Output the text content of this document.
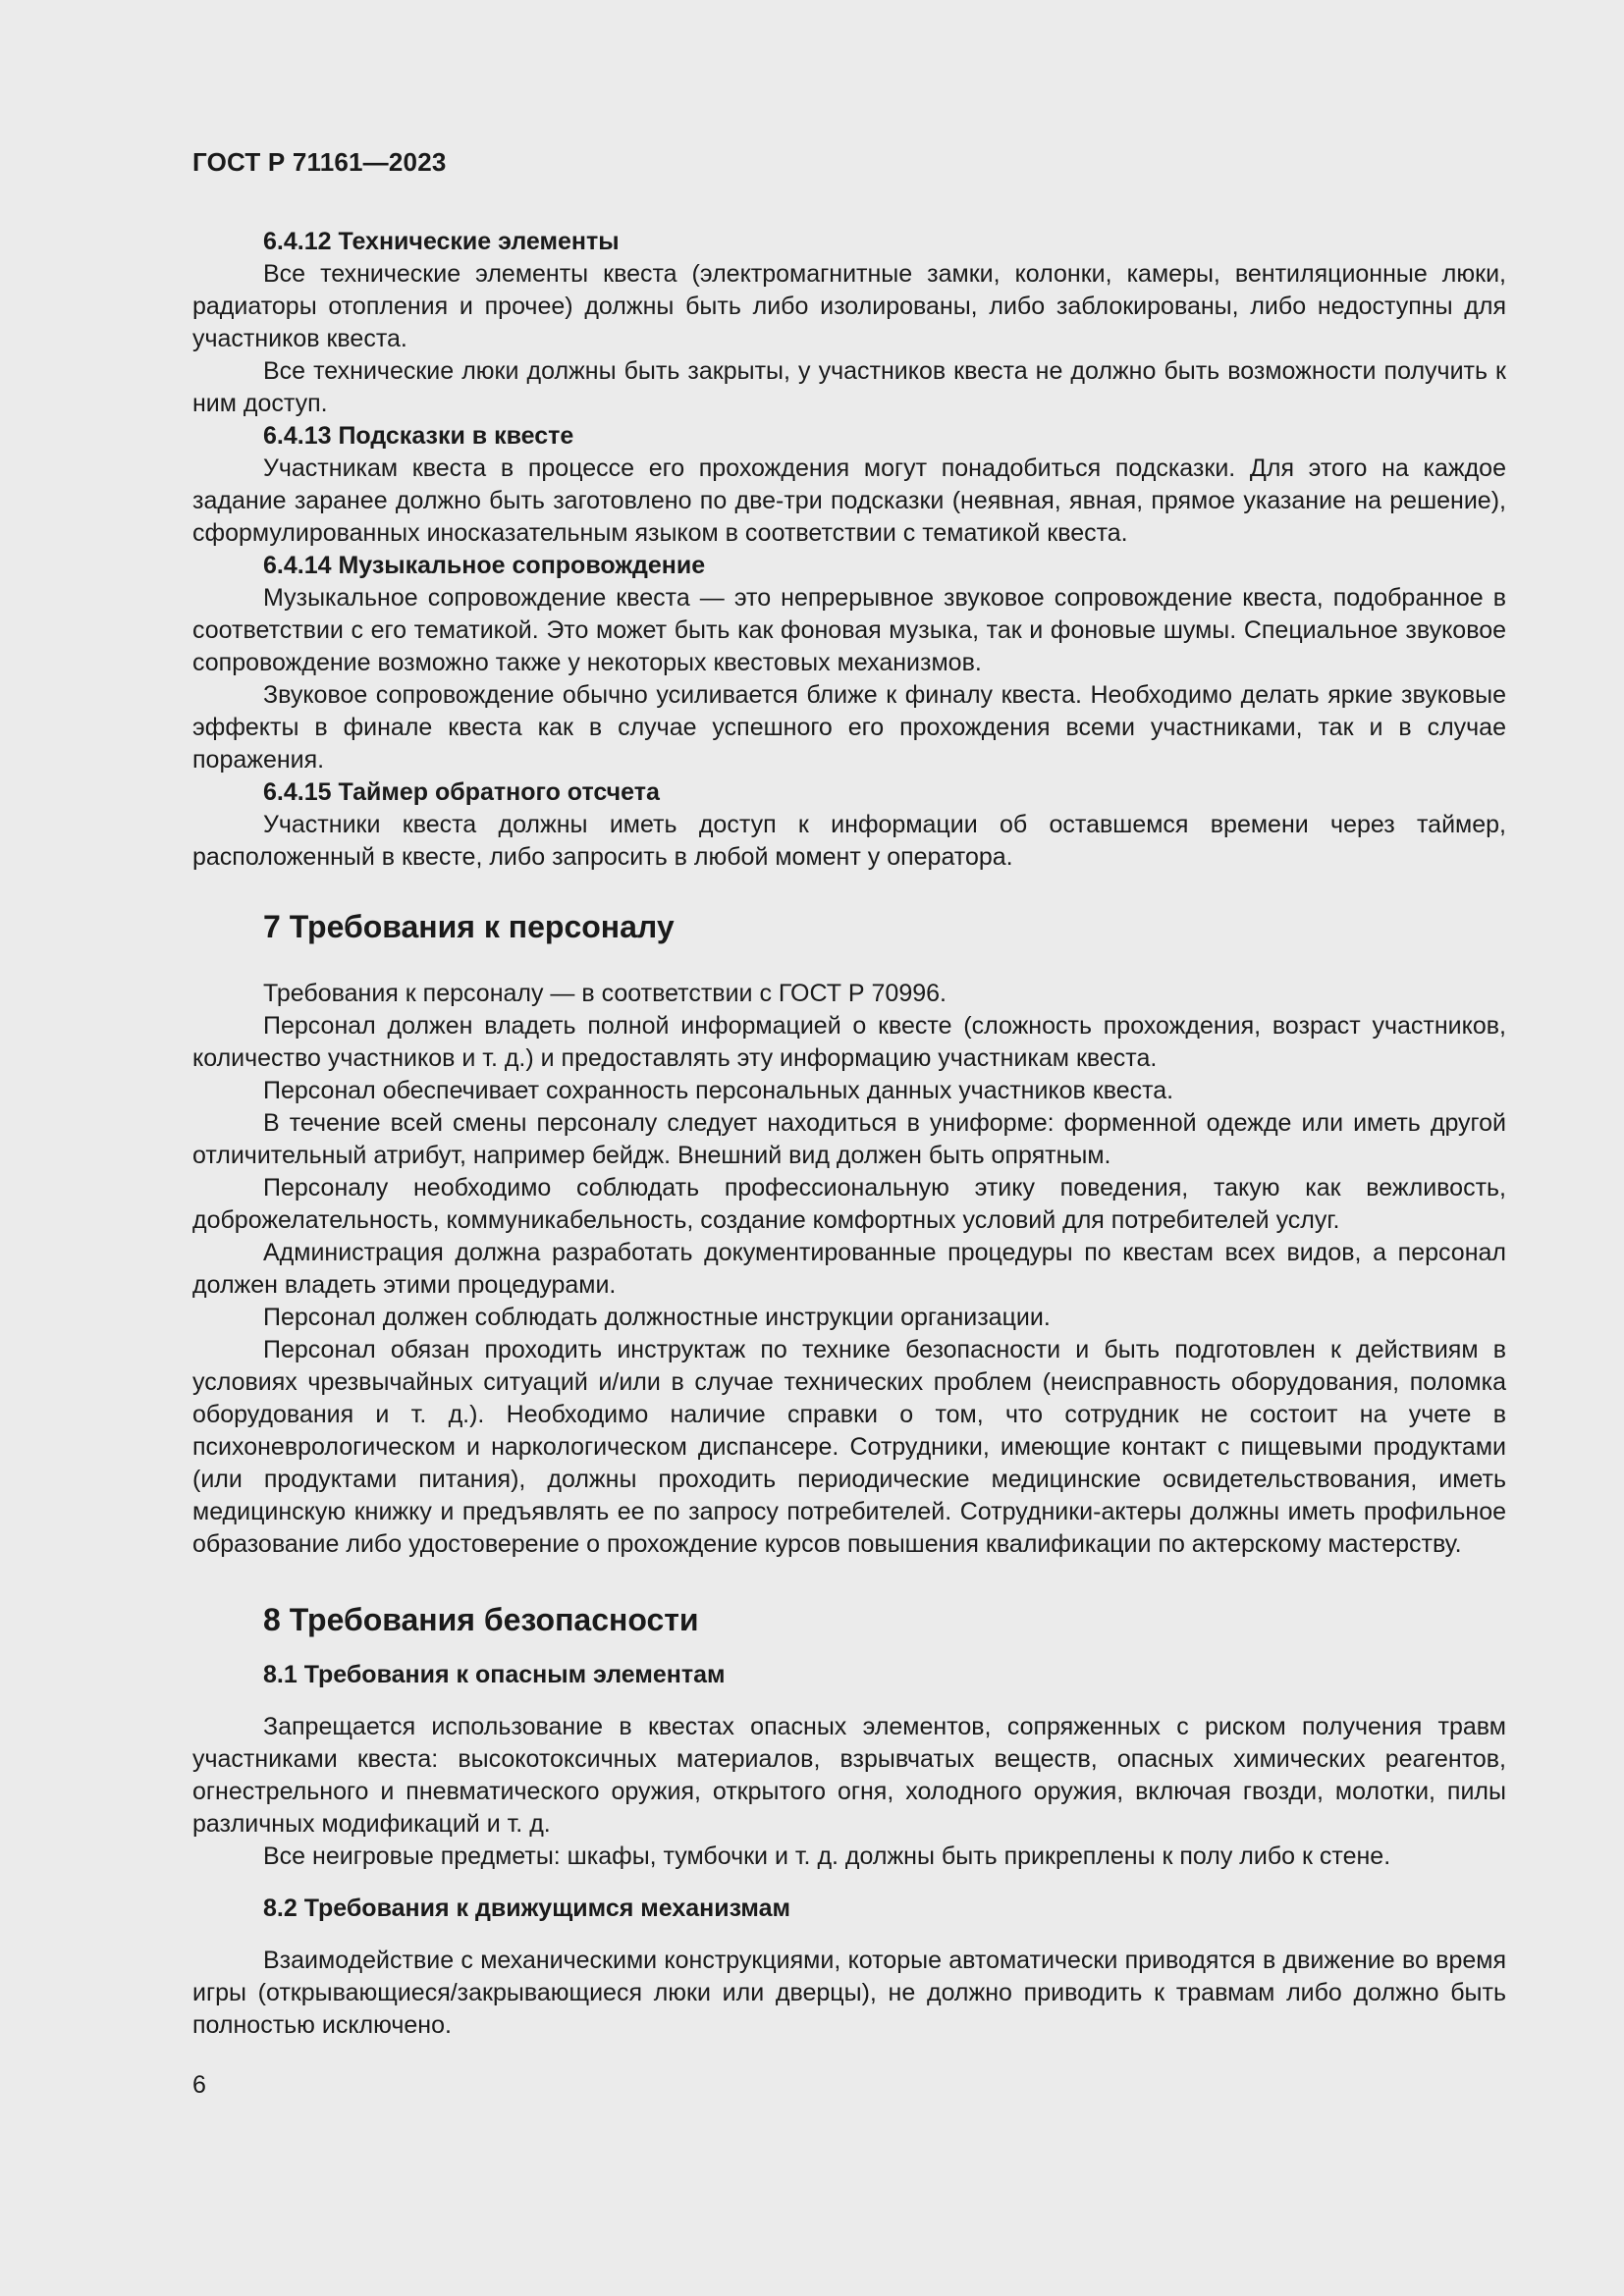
ГОСТ Р 71161—2023
6.4.12 Технические элементы

Все технические элементы квеста (электромагнитные замки, колонки, камеры, вентиляционные люки, радиаторы отопления и прочее) должны быть либо изолированы, либо заблокированы, либо недоступны для участников квеста.

Все технические люки должны быть закрыты, у участников квеста не должно быть возможности получить к ним доступ.

6.4.13 Подсказки в квесте

Участникам квеста в процессе его прохождения могут понадобиться подсказки. Для этого на каждое задание заранее должно быть заготовлено по две-три подсказки (неявная, явная, прямое указание на решение), сформулированных иносказательным языком в соответствии с тематикой квеста.

6.4.14 Музыкальное сопровождение

Музыкальное сопровождение квеста — это непрерывное звуковое сопровождение квеста, подобранное в соответствии с его тематикой. Это может быть как фоновая музыка, так и фоновые шумы. Специальное звуковое сопровождение возможно также у некоторых квестовых механизмов.

Звуковое сопровождение обычно усиливается ближе к финалу квеста. Необходимо делать яркие звуковые эффекты в финале квеста как в случае успешного его прохождения всеми участниками, так и в случае поражения.

6.4.15 Таймер обратного отсчета

Участники квеста должны иметь доступ к информации об оставшемся времени через таймер, расположенный в квесте, либо запросить в любой момент у оператора.

7 Требования к персоналу

Требования к персоналу — в соответствии с ГОСТ Р 70996.

Персонал должен владеть полной информацией о квесте (сложность прохождения, возраст участников, количество участников и т. д.) и предоставлять эту информацию участникам квеста.

Персонал обеспечивает сохранность персональных данных участников квеста.

В течение всей смены персоналу следует находиться в униформе: форменной одежде или иметь другой отличительный атрибут, например бейдж. Внешний вид должен быть опрятным.

Персоналу необходимо соблюдать профессиональную этику поведения, такую как вежливость, доброжелательность, коммуникабельность, создание комфортных условий для потребителей услуг.

Администрация должна разработать документированные процедуры по квестам всех видов, а персонал должен владеть этими процедурами.

Персонал должен соблюдать должностные инструкции организации.

Персонал обязан проходить инструктаж по технике безопасности и быть подготовлен к действиям в условиях чрезвычайных ситуаций и/или в случае технических проблем (неисправность оборудования, поломка оборудования и т. д.). Необходимо наличие справки о том, что сотрудник не состоит на учете в психоневрологическом и наркологическом диспансере. Сотрудники, имеющие контакт с пищевыми продуктами (или продуктами питания), должны проходить периодические медицинские освидетельствования, иметь медицинскую книжку и предъявлять ее по запросу потребителей. Сотрудники-актеры должны иметь профильное образование либо удостоверение о прохождение курсов повышения квалификации по актерскому мастерству.

8 Требования безопасности
8.1 Требования к опасным элементам

Запрещается использование в квестах опасных элементов, сопряженных с риском получения травм участниками квеста: высокотоксичных материалов, взрывчатых веществ, опасных химических реагентов, огнестрельного и пневматического оружия, открытого огня, холодного оружия, включая гвозди, молотки, пилы различных модификаций и т. д.

Все неигровые предметы: шкафы, тумбочки и т. д. должны быть прикреплены к полу либо к стене.

8.2 Требования к движущимся механизмам

Взаимодействие с механическими конструкциями, которые автоматически приводятся в движение во время игры (открывающиеся/закрывающиеся люки или дверцы), не должно приводить к травмам либо должно быть полностью исключено.

6
